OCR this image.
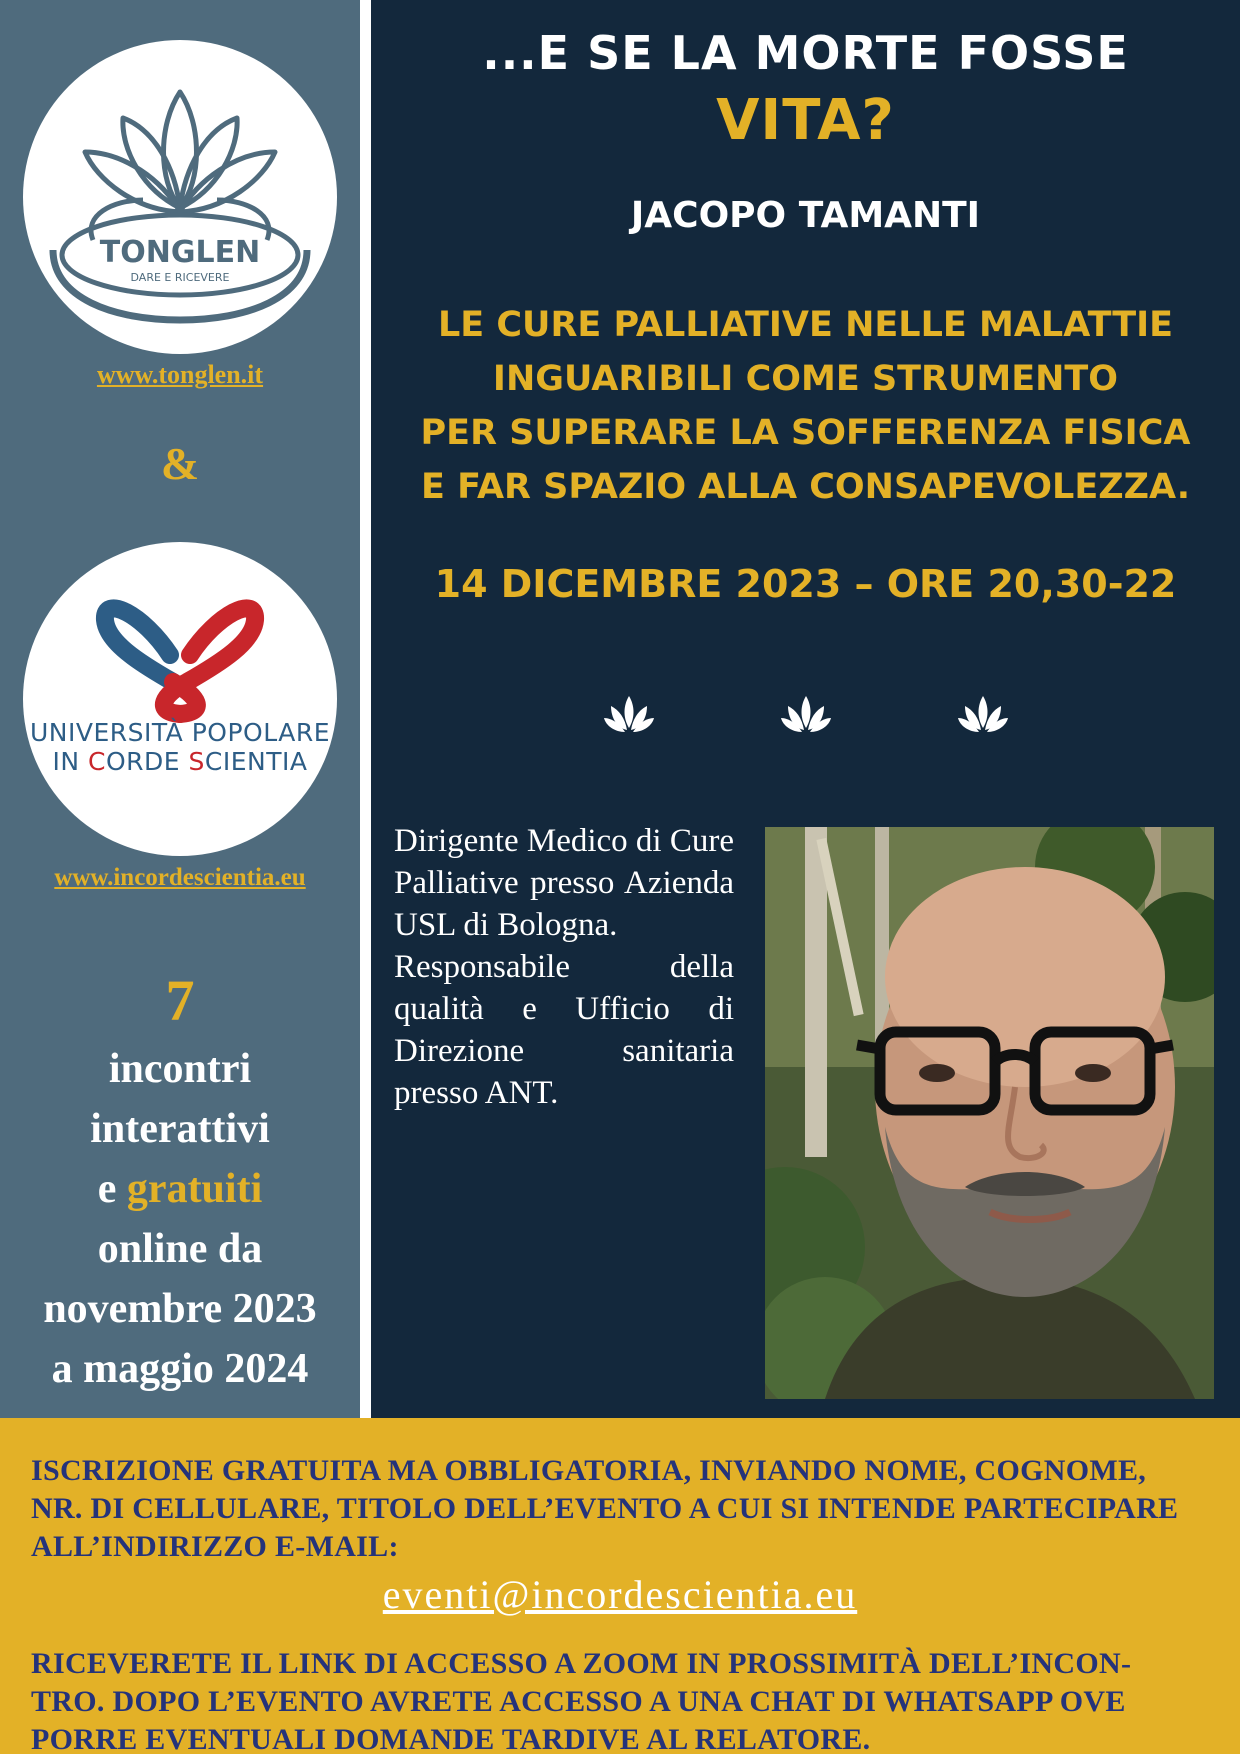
TONGLEN
DARE E RICEVERE
www.tonglen.it
&
UNIVERSITÀ POPOLARE
IN CORDE SCIENTIA
www.incordescientia.eu
7
incontri
interattivi
e gratuiti
online da
novembre 2023
a maggio 2024
...E SE LA MORTE FOSSE
VITA?
JACOPO TAMANTI
LE CURE PALLIATIVE NELLE MALATTIE
INGUARIBILI COME STRUMENTO
PER SUPERARE LA SOFFERENZA FISICA
E FAR SPAZIO ALLA CONSAPEVOLEZZA.
14 DICEMBRE 2023 – ORE 20,30-22

Dirigente Medico di Cure Palliative presso Azienda USL di Bologna.

Responsabile della qualità e Ufficio di Direzione sanitaria presso ANT.

ISCRIZIONE GRATUITA MA OBBLIGATORIA, INVIANDO NOME, COGNOME,
NR. DI CELLULARE, TITOLO DELL’EVENTO A CUI SI INTENDE PARTECIPARE
ALL’INDIRIZZO E-MAIL:
eventi@incordescientia.eu
RICEVERETE IL LINK DI ACCESSO A ZOOM IN PROSSIMITÀ DELL’INCON-
TRO. DOPO L’EVENTO AVRETE ACCESSO A UNA CHAT DI WHATSAPP OVE
PORRE EVENTUALI DOMANDE TARDIVE AL RELATORE.
